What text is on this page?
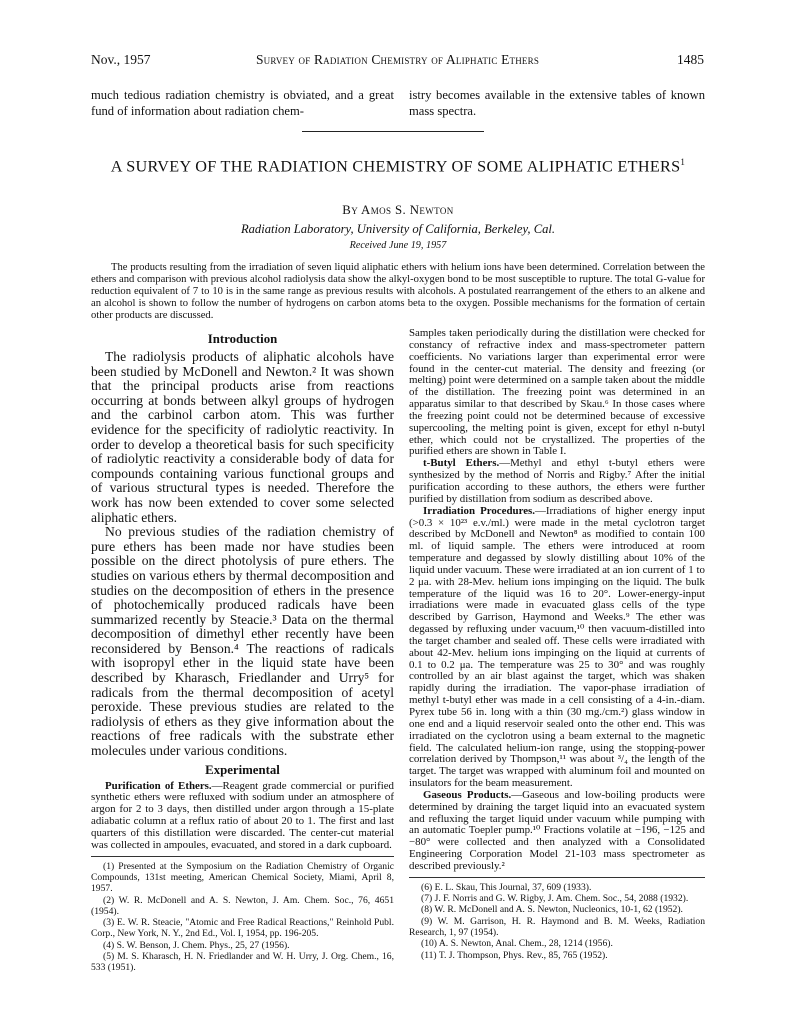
Nov., 1957	Survey of Radiation Chemistry of Aliphatic Ethers	1485
much tedious radiation chemistry is obviated, and a great fund of information about radiation chem-
istry becomes available in the extensive tables of known mass spectra.
A SURVEY OF THE RADIATION CHEMISTRY OF SOME ALIPHATIC ETHERS$^1$
By Amos S. Newton
Radiation Laboratory, University of California, Berkeley, Cal.
Received June 19, 1957

The products resulting from the irradiation of seven liquid aliphatic ethers with helium ions have been determined. Correlation between the ethers and comparison with previous alcohol radiolysis data show the alkyl-oxygen bond to be most susceptible to rupture. The total G-value for reduction equivalent of 7 to 10 is in the same range as previous results with alcohols. A postulated rearrangement of the ethers to an alkene and an alcohol is shown to follow the number of hydrogens on carbon atoms beta to the oxygen. Possible mechanisms for the formation of certain other products are discussed.

Introduction

The radiolysis products of aliphatic alcohols have been studied by McDonell and Newton.² It was shown that the principal products arise from reactions occurring at bonds between alkyl groups of hydrogen and the carbinol carbon atom. This was further evidence for the specificity of radiolytic reactivity. In order to develop a theoretical basis for such specificity of radiolytic reactivity a considerable body of data for compounds containing various functional groups and of various structural types is needed. Therefore the work has now been extended to cover some selected aliphatic ethers.

No previous studies of the radiation chemistry of pure ethers has been made nor have studies been possible on the direct photolysis of pure ethers. The studies on various ethers by thermal decomposition and studies on the decomposition of ethers in the presence of photochemically produced radicals have been summarized recently by Steacie.³ Data on the thermal decomposition of dimethyl ether recently have been reconsidered by Benson.⁴ The reactions of radicals with isopropyl ether in the liquid state have been described by Kharasch, Friedlander and Urry⁵ for radicals from the thermal decomposition of acetyl peroxide. These previous studies are related to the radiolysis of ethers as they give information about the reactions of free radicals with the substrate ether molecules under various conditions.

Experimental

Purification of Ethers.—Reagent grade commercial or purified synthetic ethers were refluxed with sodium under an atmosphere of argon for 2 to 3 days, then distilled under argon through a 15-plate adiabatic column at a reflux ratio of about 20 to 1. The first and last quarters of this distillation were discarded. The center-cut material was collected in ampoules, evacuated, and stored in a dark cupboard.

(1) Presented at the Symposium on the Radiation Chemistry of Organic Compounds, 131st meeting, American Chemical Society, Miami, April 8, 1957.

(2) W. R. McDonell and A. S. Newton, J. Am. Chem. Soc., 76, 4651 (1954).

(3) E. W. R. Steacie, "Atomic and Free Radical Reactions," Reinhold Publ. Corp., New York, N. Y., 2nd Ed., Vol. I, 1954, pp. 196-205.

(4) S. W. Benson, J. Chem. Phys., 25, 27 (1956).

(5) M. S. Kharasch, H. N. Friedlander and W. H. Urry, J. Org. Chem., 16, 533 (1951).

Samples taken periodically during the distillation were checked for constancy of refractive index and mass-spectrometer pattern coefficients. No variations larger than experimental error were found in the center-cut material. The density and freezing (or melting) point were determined on a sample taken about the middle of the distillation. The freezing point was determined in an apparatus similar to that described by Skau.⁶ In those cases where the freezing point could not be determined because of excessive supercooling, the melting point is given, except for ethyl n-butyl ether, which could not be crystallized. The properties of the purified ethers are shown in Table I.

t-Butyl Ethers.—Methyl and ethyl t-butyl ethers were synthesized by the method of Norris and Rigby.⁷ After the initial purification according to these authors, the ethers were further purified by distillation from sodium as described above.

Irradiation Procedures.—Irradiations of higher energy input (>0.3 × 10²³ e.v./ml.) were made in the metal cyclotron target described by McDonell and Newton⁸ as modified to contain 100 ml. of liquid sample. The ethers were introduced at room temperature and degassed by slowly distilling about 10% of the liquid under vacuum. These were irradiated at an ion current of 1 to 2 μa. with 28-Mev. helium ions impinging on the liquid. The bulk temperature of the liquid was 16 to 20°. Lower-energy-input irradiations were made in evacuated glass cells of the type described by Garrison, Haymond and Weeks.⁹ The ether was degassed by refluxing under vacuum,¹⁰ then vacuum-distilled into the target chamber and sealed off. These cells were irradiated with about 42-Mev. helium ions impinging on the liquid at currents of 0.1 to 0.2 μa. The temperature was 25 to 30° and was roughly controlled by an air blast against the target, which was shaken rapidly during the irradiation. The vapor-phase irradiation of methyl t-butyl ether was made in a cell consisting of a 4-in.-diam. Pyrex tube 56 in. long with a thin (30 mg./cm.²) glass window in one end and a liquid reservoir sealed onto the other end. This was irradiated on the cyclotron using a beam external to the magnetic field. The calculated helium-ion range, using the stopping-power correlation derived by Thompson,¹¹ was about ³/₄ the length of the target. The target was wrapped with aluminum foil and mounted on insulators for the beam measurement.

Gaseous Products.—Gaseous and low-boiling products were determined by draining the target liquid into an evacuated system and refluxing the target liquid under vacuum while pumping with an automatic Toepler pump.¹⁰ Fractions volatile at −196, −125 and −80° were collected and then analyzed with a Consolidated Engineering Corporation Model 21-103 mass spectrometer as described previously.²

(6) E. L. Skau, This Journal, 37, 609 (1933).

(7) J. F. Norris and G. W. Rigby, J. Am. Chem. Soc., 54, 2088 (1932).

(8) W. R. McDonell and A. S. Newton, Nucleonics, 10-1, 62 (1952).

(9) W. M. Garrison, H. R. Haymond and B. M. Weeks, Radiation Research, 1, 97 (1954).

(10) A. S. Newton, Anal. Chem., 28, 1214 (1956).

(11) T. J. Thompson, Phys. Rev., 85, 765 (1952).
